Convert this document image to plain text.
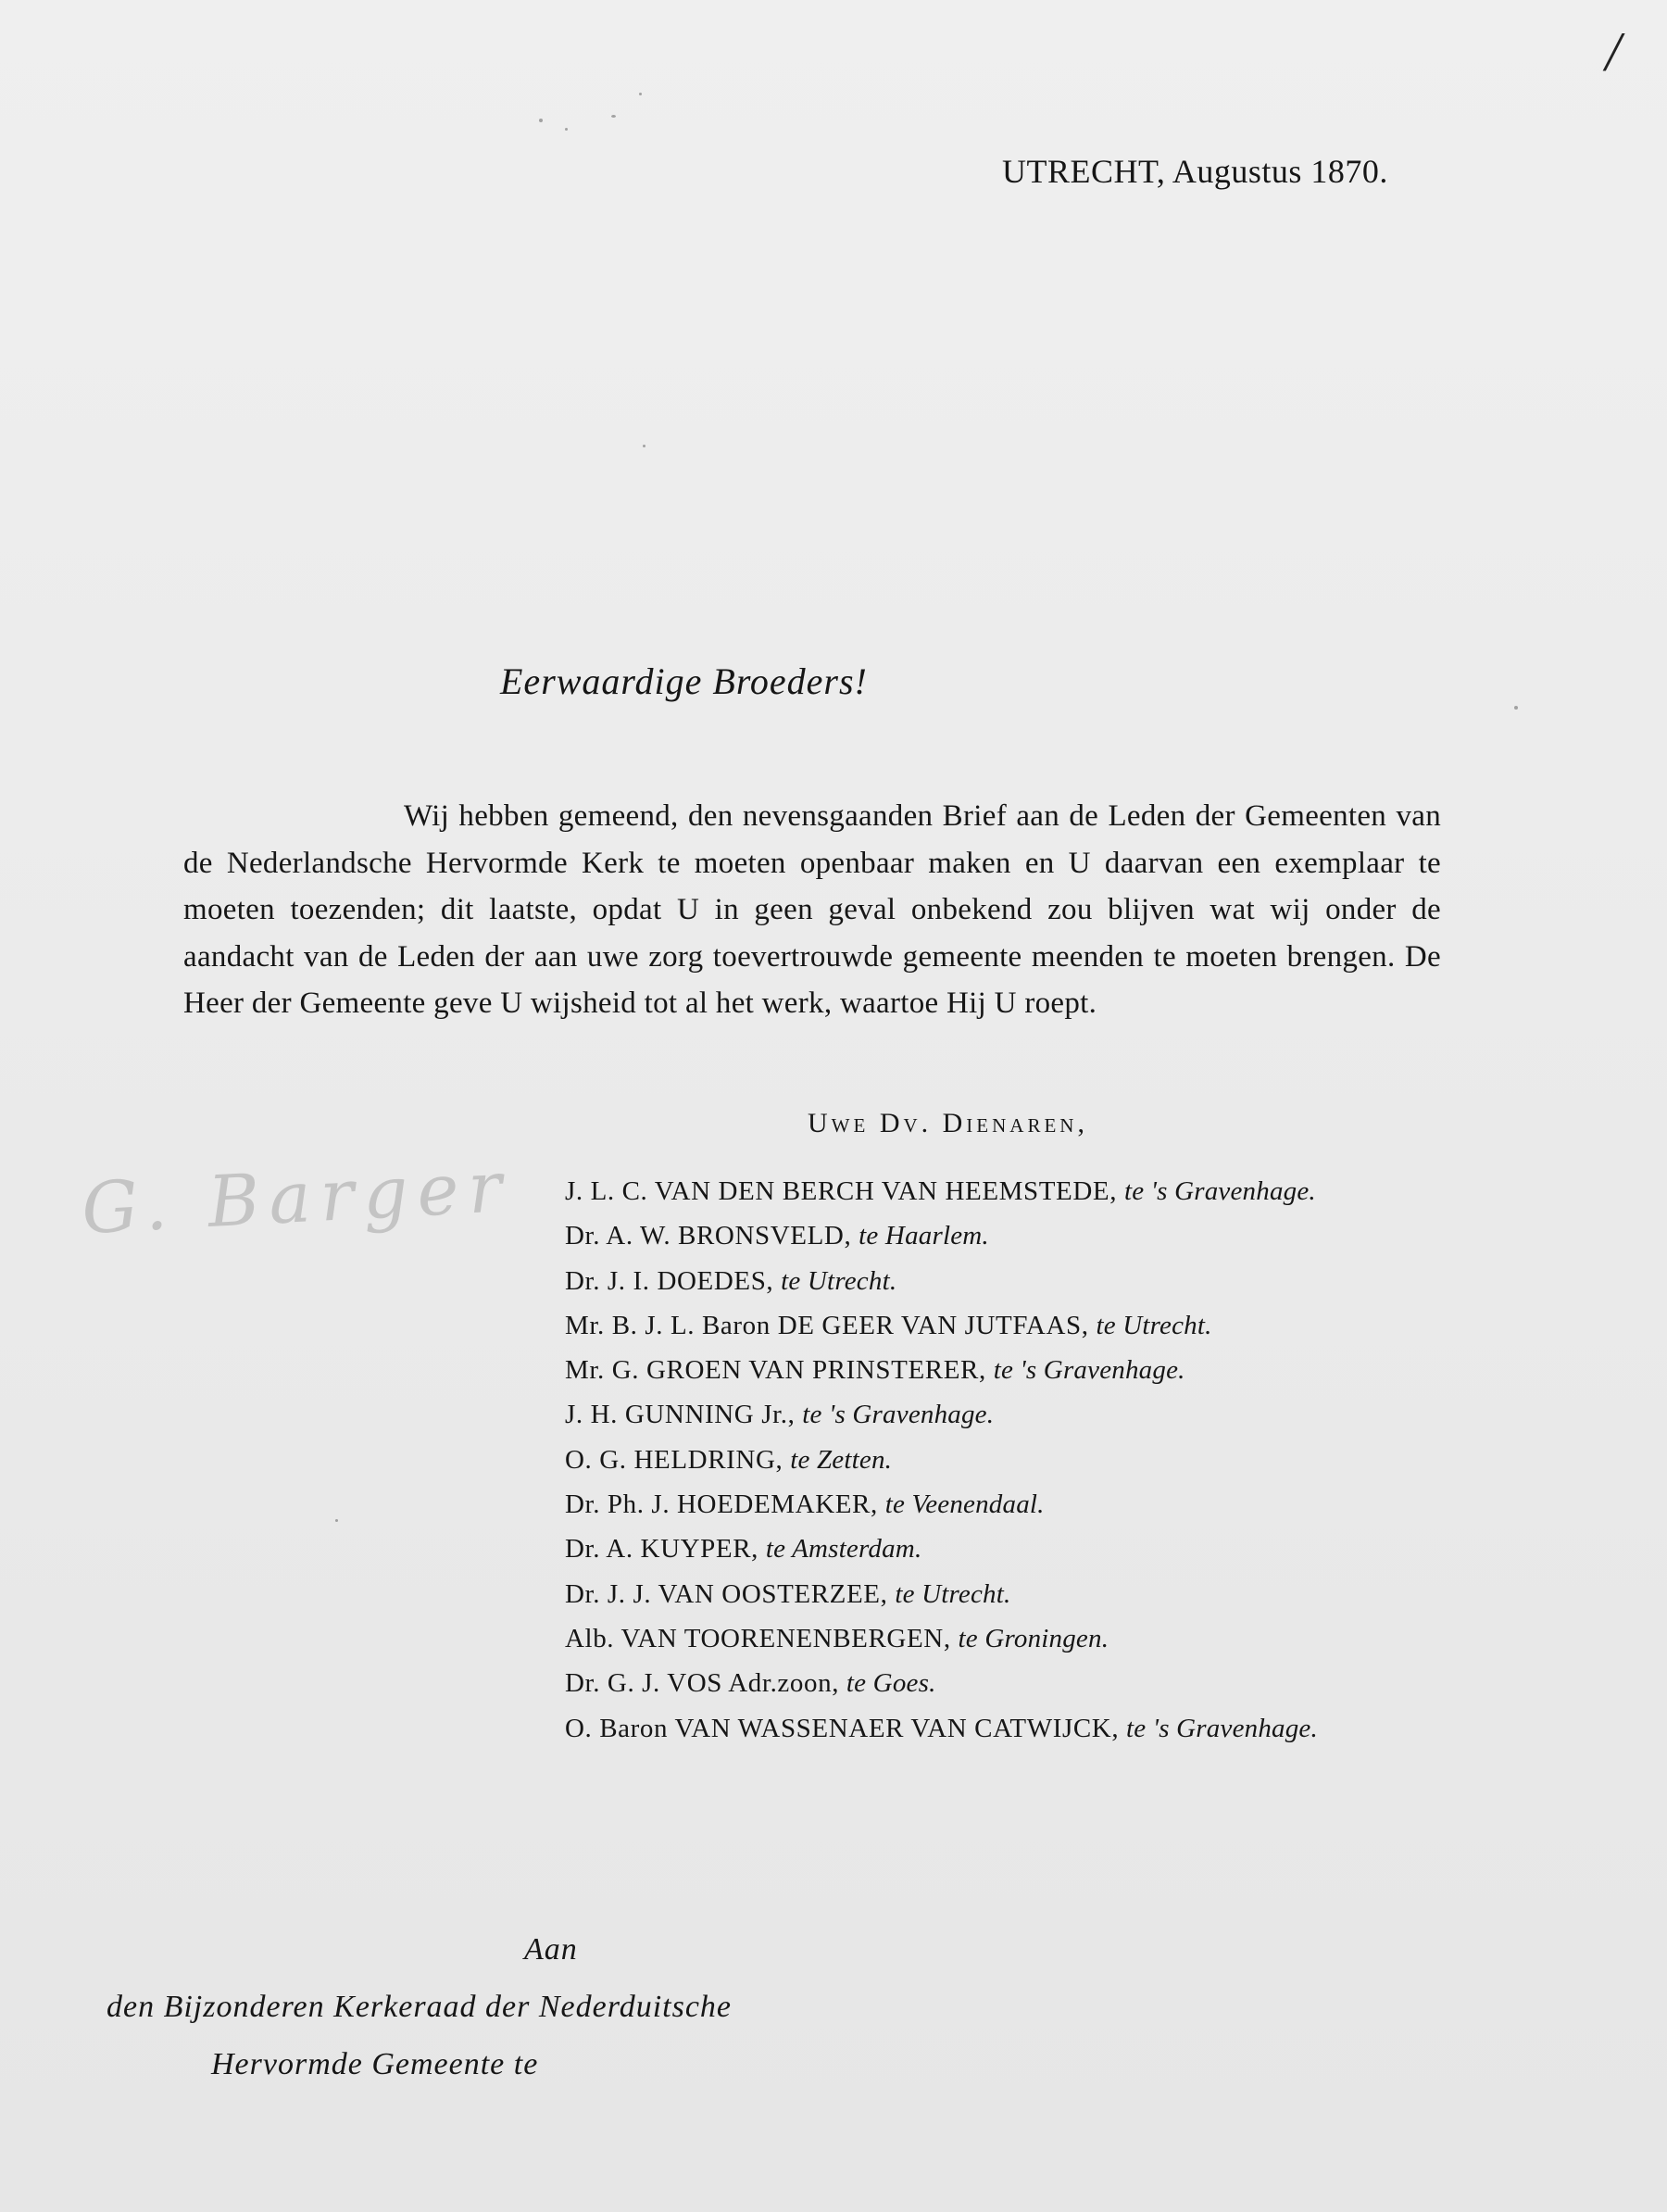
/
UTRECHT, Augustus 1870.
Eerwaardige Broeders!
Wij hebben gemeend, den nevensgaanden Brief aan de Leden der Gemeenten van de Nederlandsche Hervormde Kerk te moeten openbaar maken en U daarvan een exemplaar te moeten toezenden; dit laatste, opdat U in geen geval onbekend zou blijven wat wij onder de aandacht van de Leden der aan uwe zorg toevertrouwde gemeente meenden te moeten brengen. De Heer der Gemeente geve U wijsheid tot al het werk, waartoe Hij U roept.
Uwe Dv. Dienaren,
G. Barger J. L. C. VAN DEN BERCH VAN HEEMSTEDE, te 's Gravenhage.
Dr. A. W. BRONSVELD, te Haarlem.
Dr. J. I. DOEDES, te Utrecht.
Mr. B. J. L. Baron DE GEER VAN JUTFAAS, te Utrecht.
Mr. G. GROEN VAN PRINSTERER, te 's Gravenhage.
J. H. GUNNING Jr., te 's Gravenhage.
O. G. HELDRING, te Zetten.
Dr. Ph. J. HOEDEMAKER, te Veenendaal.
Dr. A. KUYPER, te Amsterdam.
Dr. J. J. VAN OOSTERZEE, te Utrecht.
Alb. VAN TOORENENBERGEN, te Groningen.
Dr. G. J. VOS Adr.zoon, te Goes.
O. Baron VAN WASSENAER VAN CATWIJCK, te 's Gravenhage.
Aan
den Bijzonderen Kerkeraad der Nederduitsche
Hervormde Gemeente te
